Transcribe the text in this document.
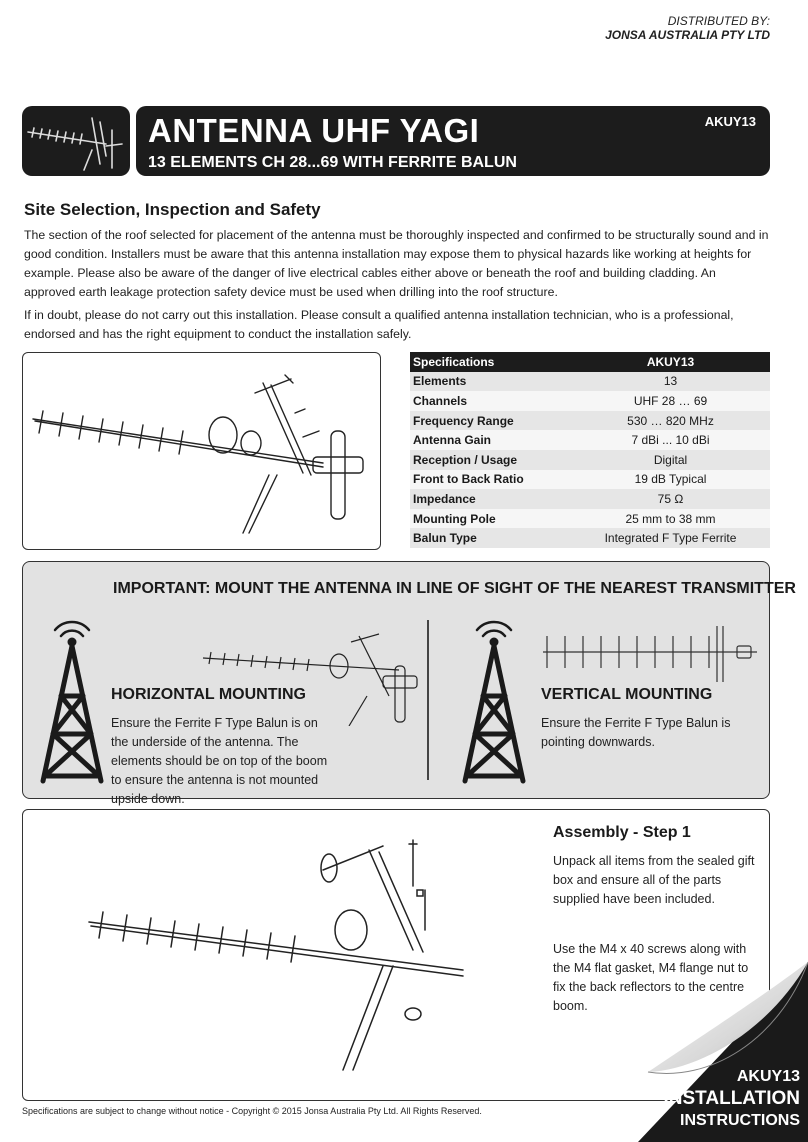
DISTRIBUTED BY:
JONSA AUSTRALIA PTY LTD
ANTENNA UHF YAGI
13 ELEMENTS CH 28...69 WITH FERRITE BALUN
AKUY13
Site Selection, Inspection and Safety
The section of the roof selected for placement of the antenna must be thoroughly inspected and confirmed to be structurally sound and in good condition. Installers must be aware that this antenna installation may expose them to physical hazards like working at heights for example. Please also be aware of the danger of live electrical cables either above or beneath the roof and building cladding. An approved earth leakage protection safety device must be used when drilling into the roof structure.
If in doubt, please do not carry out this installation. Please consult a qualified antenna installation technician, who is a professional, endorsed and has the right equipment to conduct the installation safely.
Specifications	AKUY13
Elements	13
Channels	UHF 28 … 69
Frequency Range	530 … 820 MHz
Antenna Gain	7 dBi ... 10 dBi
Reception / Usage	Digital
Front to Back Ratio	19 dB Typical
Impedance	75 Ω
Mounting Pole	25 mm to 38 mm
Balun Type	Integrated F Type Ferrite
IMPORTANT: MOUNT THE ANTENNA IN LINE OF SIGHT OF THE NEAREST TRANSMITTER
HORIZONTAL MOUNTING
Ensure the Ferrite F Type Balun is on the underside of the antenna. The elements should be on top of the boom to ensure the antenna is not mounted upside down.
VERTICAL MOUNTING
Ensure the Ferrite F Type Balun is pointing downwards.
Assembly - Step 1
Unpack all items from the sealed gift box and ensure all of the parts supplied have been included.
Use the M4 x 40 screws along with the M4 flat gasket, M4 flange nut to fix the back reflectors to the centre boom.
Specifications are subject to change without notice - Copyright © 2015 Jonsa Australia Pty Ltd. All Rights Reserved.
AKUY13
INSTALLATION
INSTRUCTIONS
